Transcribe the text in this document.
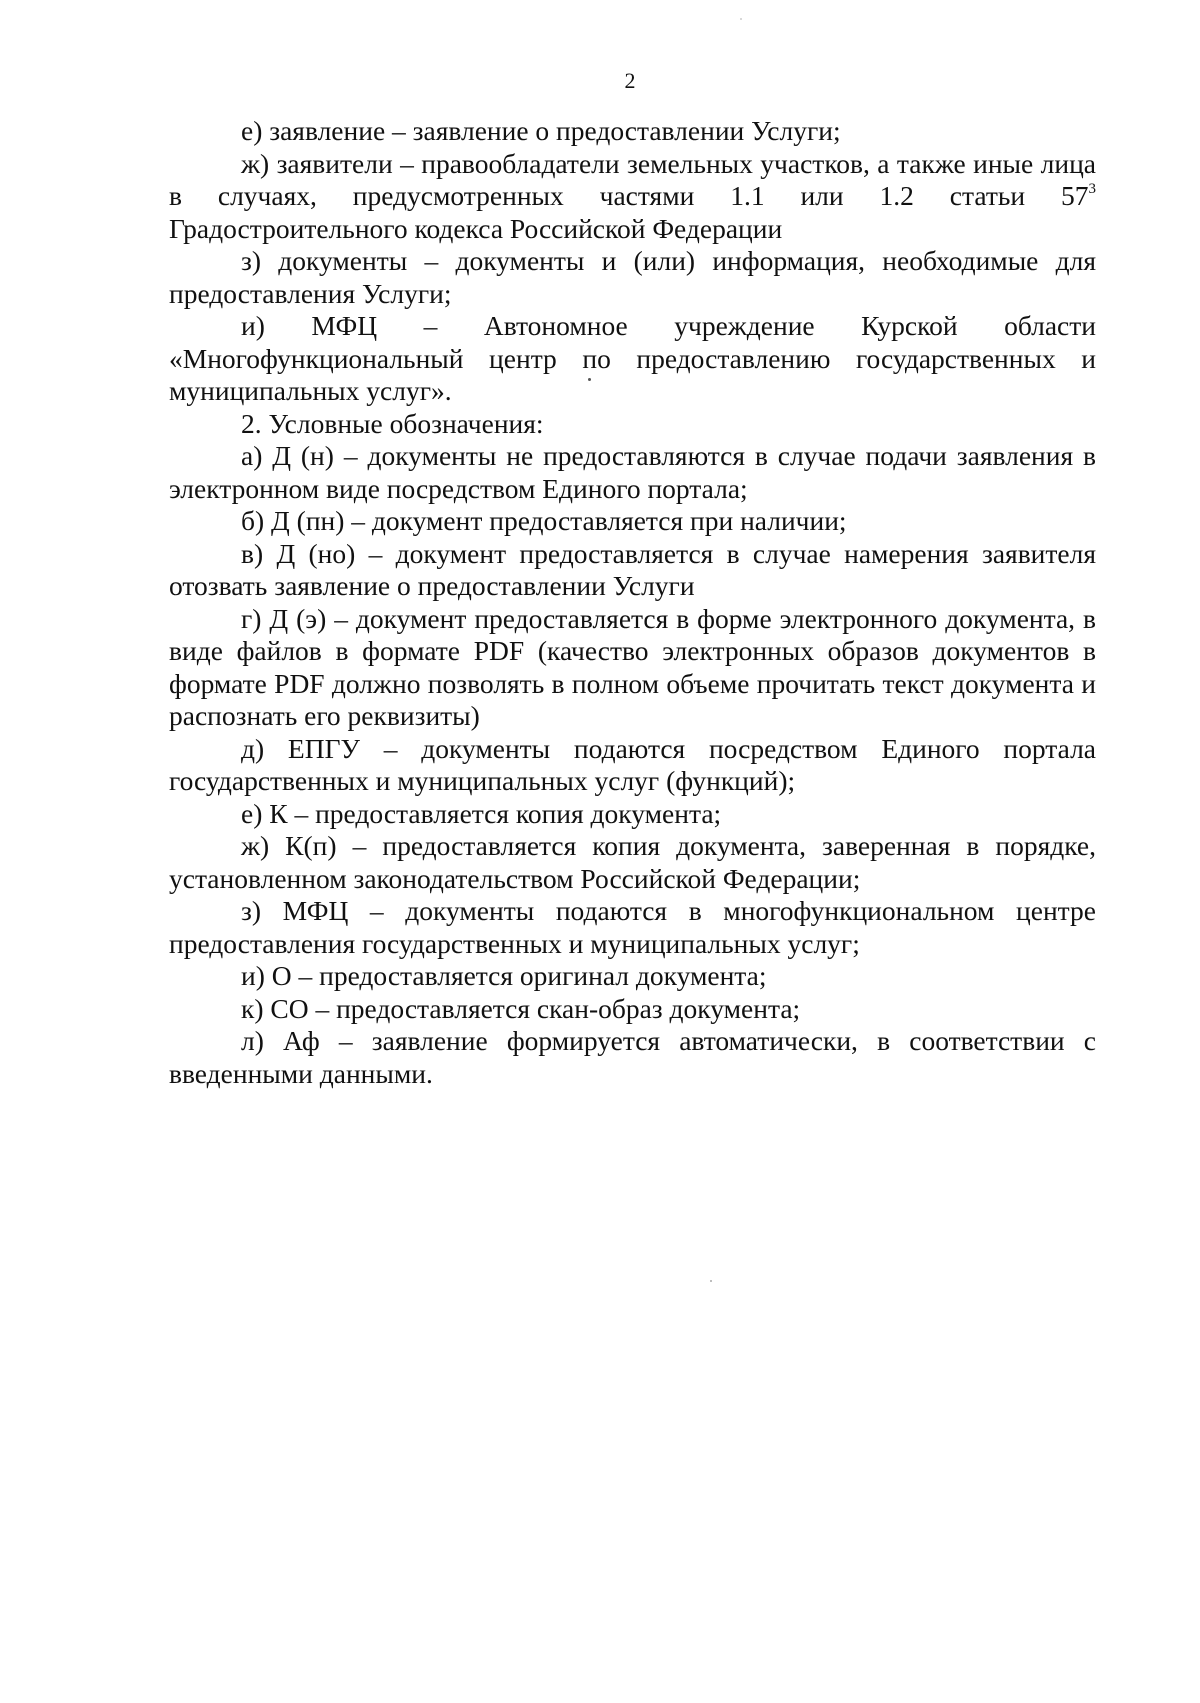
2

е) заявление – заявление о предоставлении Услуги;

ж) заявители – правообладатели земельных участков, а также иные лица в случаях, предусмотренных частями 1.1 или 1.2 статьи $57^3$ Градостроительного кодекса Российской Федерации

з) документы – документы и (или) информация, необходимые для предоставления Услуги;

и) МФЦ – Автономное учреждение Курской области «Многофункциональный центр по предоставлению государственных и муниципальных услуг».

2. Условные обозначения:

а) Д (н) – документы не предоставляются в случае подачи заявления в электронном виде посредством Единого портала;

б) Д (пн) – документ предоставляется при наличии;

в) Д (но) – документ предоставляется в случае намерения заявителя отозвать заявление о предоставлении Услуги

г) Д (э) – документ предоставляется в форме электронного документа, в виде файлов в формате PDF (качество электронных образов документов в формате PDF должно позволять в полном объеме прочитать текст документа и распознать его реквизиты)

д) ЕПГУ – документы подаются посредством Единого портала государственных и муниципальных услуг (функций);

е) К – предоставляется копия документа;

ж) К(п) – предоставляется копия документа, заверенная в порядке, установленном законодательством Российской Федерации;

з) МФЦ – документы подаются в многофункциональном центре предоставления государственных и муниципальных услуг;

и) О – предоставляется оригинал документа;

к) СО – предоставляется скан-образ документа;

л) Аф – заявление формируется автоматически, в соответствии с введенными данными.
